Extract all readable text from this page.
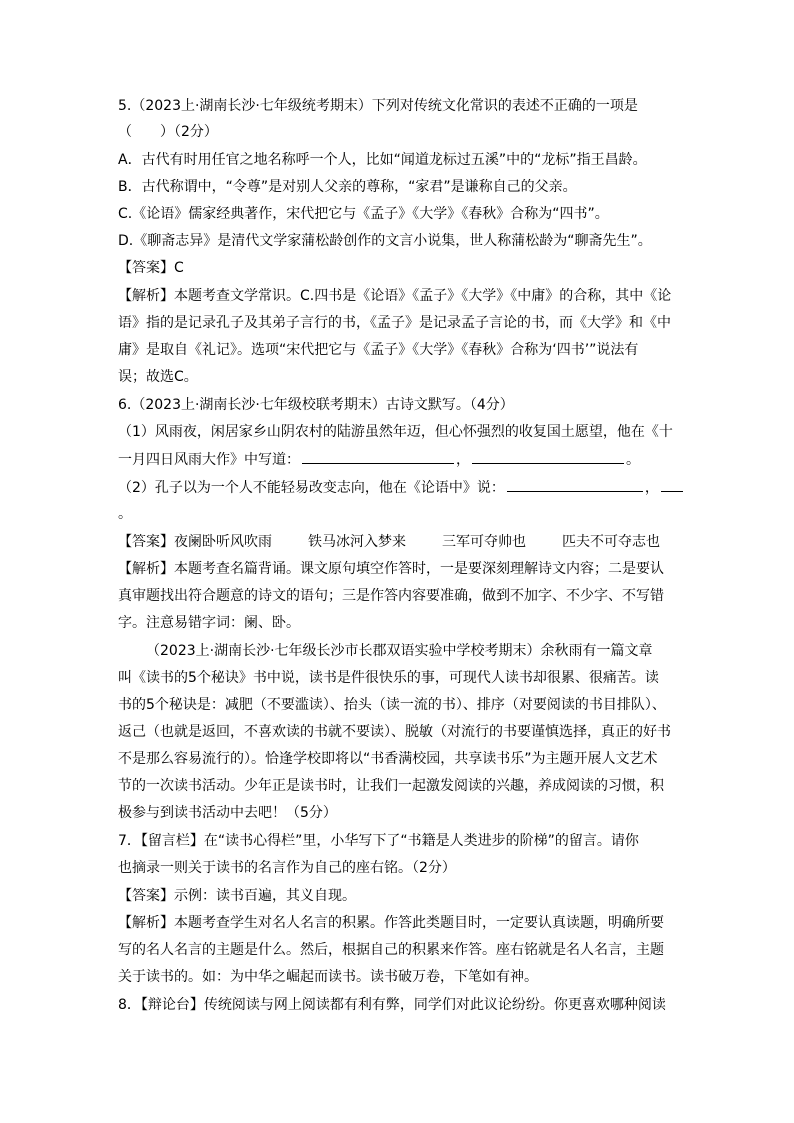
5.（2023上·湖南长沙·七年级统考期末）下列对传统文化常识的表述不正确的一项是
（　　）（2分）
A．古代有时用任官之地名称呼一个人，比如“闻道龙标过五溪”中的“龙标”指王昌龄。
B．古代称谓中，“令尊”是对别人父亲的尊称，“家君”是谦称自己的父亲。
C.《论语》儒家经典著作，宋代把它与《孟子》《大学》《春秋》合称为“四书”。
D.《聊斋志异》是清代文学家蒲松龄创作的文言小说集，世人称蒲松龄为“聊斋先生”。
【答案】C
【解析】本题考查文学常识。C.四书是《论语》《孟子》《大学》《中庸》的合称，其中《论
语》指的是记录孔子及其弟子言行的书，《孟子》是记录孟子言论的书，而《大学》和《中
庸》是取自《礼记》。选项“宋代把它与《孟子》《大学》《春秋》合称为‘四书’”说法有
误；故选C。
6.（2023上·湖南长沙·七年级校联考期末）古诗文默写。（4分）
（1）风雨夜，闲居家乡山阴农村的陆游虽然年迈，但心怀强烈的收复国土愿望，他在《十
一月四日风雨大作》中写道：	，	。
（2）孔子以为一个人不能轻易改变志向，他在《论语中》说：	，
。
【答案】夜阑卧听风吹雨	铁马冰河入梦来	三军可夺帅也	匹夫不可夺志也
【解析】本题考查名篇背诵。课文原句填空作答时，一是要深刻理解诗文内容；二是要认
真审题找出符合题意的诗文的语句；三是作答内容要准确，做到不加字、不少字、不写错
字。注意易错字词：阑、卧。
（2023上·湖南长沙·七年级长沙市长郡双语实验中学校考期末）余秋雨有一篇文章
叫《读书的5个秘诀》书中说，读书是件很快乐的事，可现代人读书却很累、很痛苦。读
书的5个秘诀是：减肥（不要滥读）、抬头（读一流的书）、排序（对要阅读的书目排队）、
返己（也就是返回，不喜欢读的书就不要读）、脱敏（对流行的书要谨慎选择，真正的好书
不是那么容易流行的）。恰逢学校即将以“书香满校园，共享读书乐”为主题开展人文艺术
节的一次读书活动。少年正是读书时，让我们一起激发阅读的兴趣，养成阅读的习惯，积
极参与到读书活动中去吧！（5分）
7．【留言栏】在“读书心得栏”里，小华写下了“书籍是人类进步的阶梯”的留言。请你
也摘录一则关于读书的名言作为自己的座右铭。（2分）
【答案】示例：读书百遍，其义自现。
【解析】本题考查学生对名人名言的积累。作答此类题目时，一定要认真读题，明确所要
写的名人名言的主题是什么。然后，根据自己的积累来作答。座右铭就是名人名言，主题
关于读书的。如：为中华之崛起而读书。读书破万卷，下笔如有神。
8．【辩论台】传统阅读与网上阅读都有利有弊，同学们对此议论纷纷。你更喜欢哪种阅读
